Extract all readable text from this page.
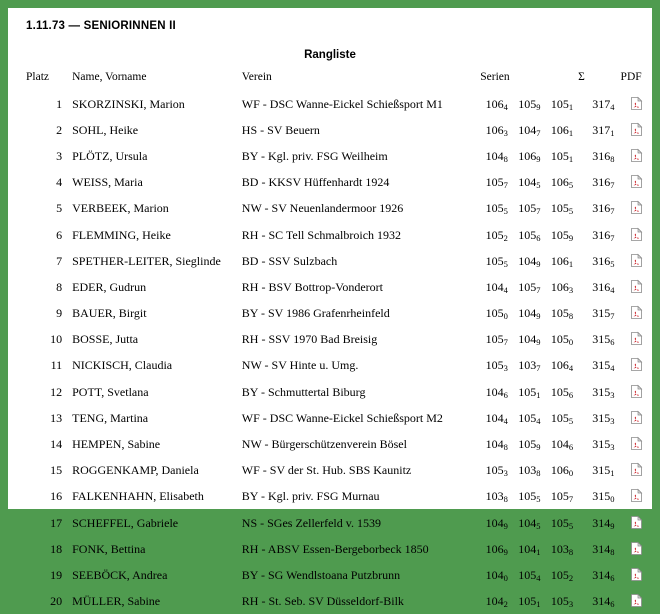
1.11.73 — SENIORINNEN II
Rangliste
Platz	Name, Vorname	Verein	Serien			Σ	PDF
1	SKORZINSKI, Marion	WF - DSC Wanne-Eickel Schießsport M1	1064	1059	1051	3174	
2	SOHL, Heike	HS - SV Beuern	1063	1047	1061	3171	
3	PLÖTZ, Ursula	BY - Kgl. priv. FSG Weilheim	1048	1069	1051	3168	
4	WEISS, Maria	BD - KKSV Hüffenhardt 1924	1057	1045	1065	3167	
5	VERBEEK, Marion	NW - SV Neuenlandermoor 1926	1055	1057	1055	3167	
6	FLEMMING, Heike	RH - SC Tell Schmalbroich 1932	1052	1056	1059	3167	
7	SPETHER-LEITER, Sieglinde	BD - SSV Sulzbach	1055	1049	1061	3165	
8	EDER, Gudrun	RH - BSV Bottrop-Vonderort	1044	1057	1063	3164	
9	BAUER, Birgit	BY - SV 1986 Grafenrheinfeld	1050	1049	1058	3157	
10	BOSSE, Jutta	RH - SSV 1970 Bad Breisig	1057	1049	1050	3156	
11	NICKISCH, Claudia	NW - SV Hinte u. Umg.	1053	1037	1064	3154	
12	POTT, Svetlana	BY - Schmuttertal Biburg	1046	1051	1056	3153	
13	TENG, Martina	WF - DSC Wanne-Eickel Schießsport M2	1044	1054	1055	3153	
14	HEMPEN, Sabine	NW - Bürgerschützenverein Bösel	1048	1059	1046	3153	
15	ROGGENKAMP, Daniela	WF - SV der St. Hub. SBS Kaunitz	1053	1038	1060	3151	
16	FALKENHAHN, Elisabeth	BY - Kgl. priv. FSG Murnau	1038	1055	1057	3150	
17	SCHEFFEL, Gabriele	NS - SGes Zellerfeld v. 1539	1049	1045	1055	3149	
18	FONK, Bettina	RH - ABSV Essen-Bergeborbeck 1850	1069	1041	1038	3148	
19	SEEBÖCK, Andrea	BY - SG Wendlstoana Putzbrunn	1040	1054	1052	3146	
20	MÜLLER, Sabine	RH - St. Seb. SV Düsseldorf-Bilk	1042	1051	1053	3146	
